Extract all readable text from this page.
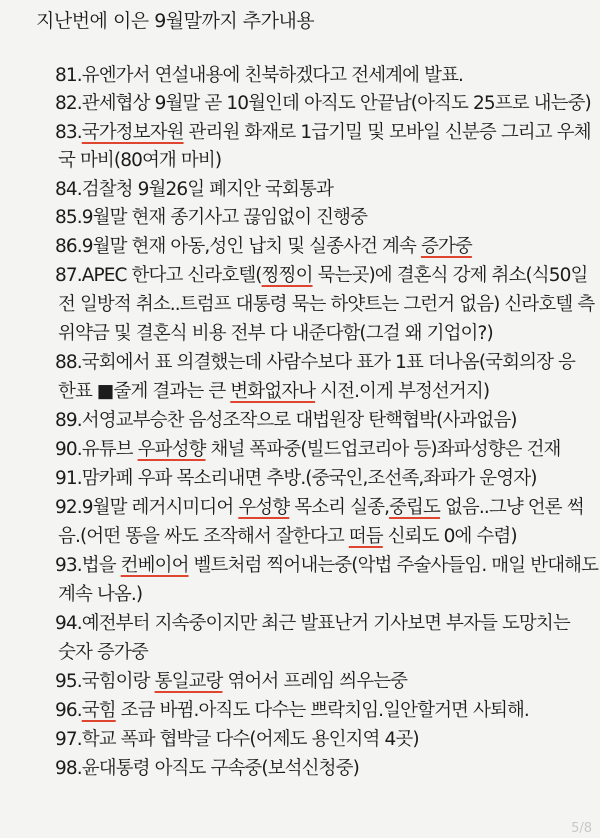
지난번에 이은 9월말까지 추가내용
81.유엔가서 연설내용에 친북하겠다고 전세계에 발표.
82.관세협상 9월말 곧 10월인데 아직도 안끝남(아직도 25프로 내는중)
83.국가정보자원 관리원 화재로 1급기밀 및 모바일 신분증 그리고 우체
국 마비(80여개 마비)
84.검찰청 9월26일 폐지안 국회통과
85.9월말 현재 종기사고 끊임없이 진행중
86.9월말 현재 아동,성인 납치 및 실종사건 계속 증가중
87.APEC 한다고 신라호텔(찡찡이 묵는곳)에 결혼식 강제 취소(식50일
전 일방적 취소..트럼프 대통령 묵는 하얏트는 그런거 없음) 신라호텔 측
위약금 및 결혼식 비용 전부 다 내준다함(그걸 왜 기업이?)
88.국회에서 표 의결했는데 사람수보다 표가 1표 더나옴(국회의장 응
한표 ■줄게 결과는 큰 변화없자나 시전.이게 부정선거지)
89.서영교부승찬 음성조작으로 대법원장 탄핵협박(사과없음)
90.유튜브 우파성향 채널 폭파중(빌드업코리아 등)좌파성향은 건재
91.맘카페 우파 목소리내면 추방.(중국인,조선족,좌파가 운영자)
92.9월말 레거시미디어 우성향 목소리 실종,중립도 없음..그냥 언론 썩
음.(어떤 똥을 싸도 조작해서 잘한다고 떠듬 신뢰도 0에 수렴)
93.법을 컨베이어 벨트처럼 찍어내는중(악법 주술사들임. 매일 반대해도
계속 나옴.)
94.예전부터 지속중이지만 최근 발표난거 기사보면 부자들 도망치는
숫자 증가중
95.국힘이랑 통일교랑 엮어서 프레임 씌우는중
96.국힘 조금 바뀜.아직도 다수는 쁘락치임.일안할거면 사퇴해.
97.학교 폭파 협박글 다수(어제도 용인지역 4곳)
98.윤대통령 아직도 구속중(보석신청중)
5/8
